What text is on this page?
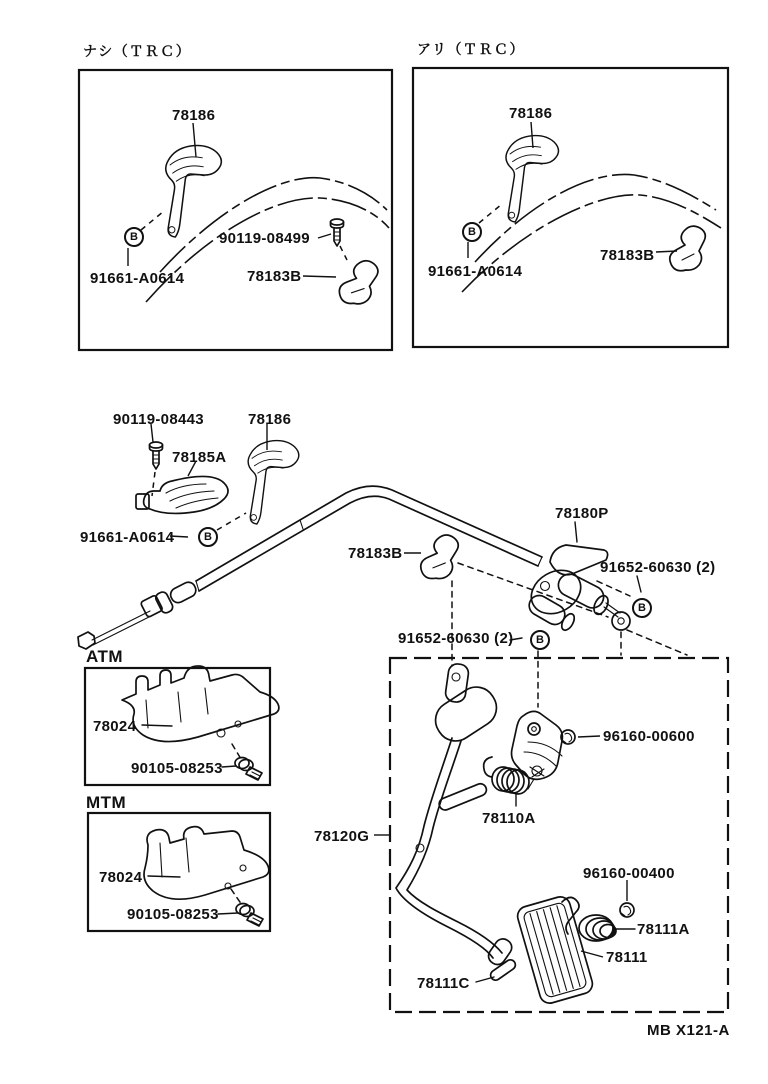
ナシ（ＴＲＣ）	アリ（ＴＲＣ）
78186
90119-08499
78183B
91661-A0614
B
78186
78183B
91661-A0614
B
90119-08443	78186
78185A
91661-A0614
78183B
78180P
91652-60630 (2)
91652-60630 (2)
B
B
B
ATM
78024
90105-08253
MTM
78024
90105-08253
78120G
96160-00600
78110A
96160-00400
78111A
78111
78111C
MB X121-A
